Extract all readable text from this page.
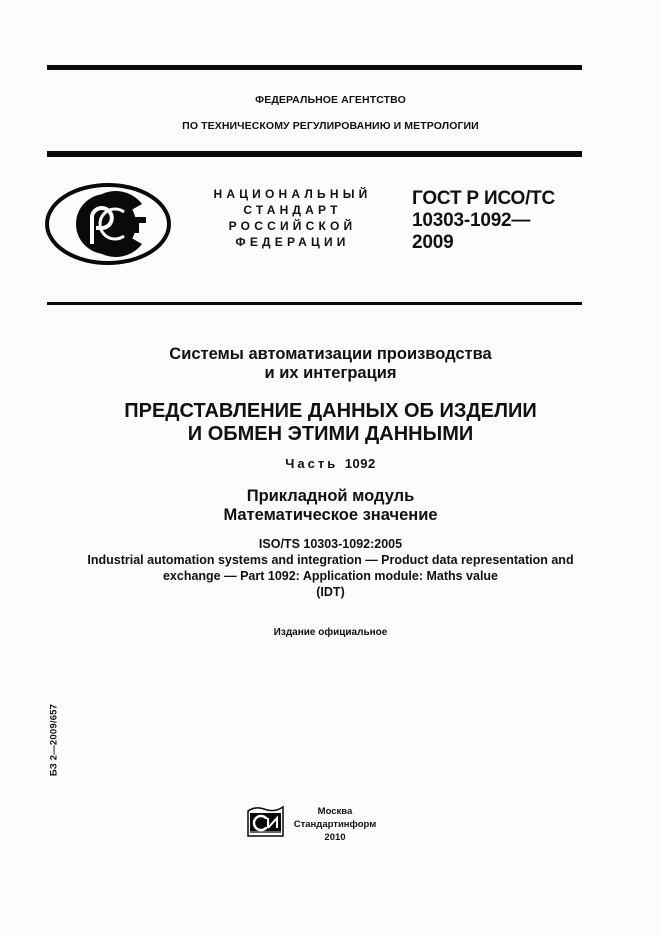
ФЕДЕРАЛЬНОЕ АГЕНТСТВО
ПО ТЕХНИЧЕСКОМУ РЕГУЛИРОВАНИЮ И МЕТРОЛОГИИ
НАЦИОНАЛЬНЫЙ
СТАНДАРТ
РОССИЙСКОЙ
ФЕДЕРАЦИИ
ГОСТ Р ИСО/ТС
10303-1092—
2009
Системы автоматизации производства
и их интеграция
ПРЕДСТАВЛЕНИЕ ДАННЫХ ОБ ИЗДЕЛИИ
И ОБМЕН ЭТИМИ ДАННЫМИ
Часть 1092
Прикладной модуль
Математическое значение
ISO/TS 10303-1092:2005
Industrial automation systems and integration — Product data representation and
exchange — Part 1092: Application module: Maths value
(IDT)
Издание официальное
БЗ 2—2009/657
Москва
Стандартинформ
2010
